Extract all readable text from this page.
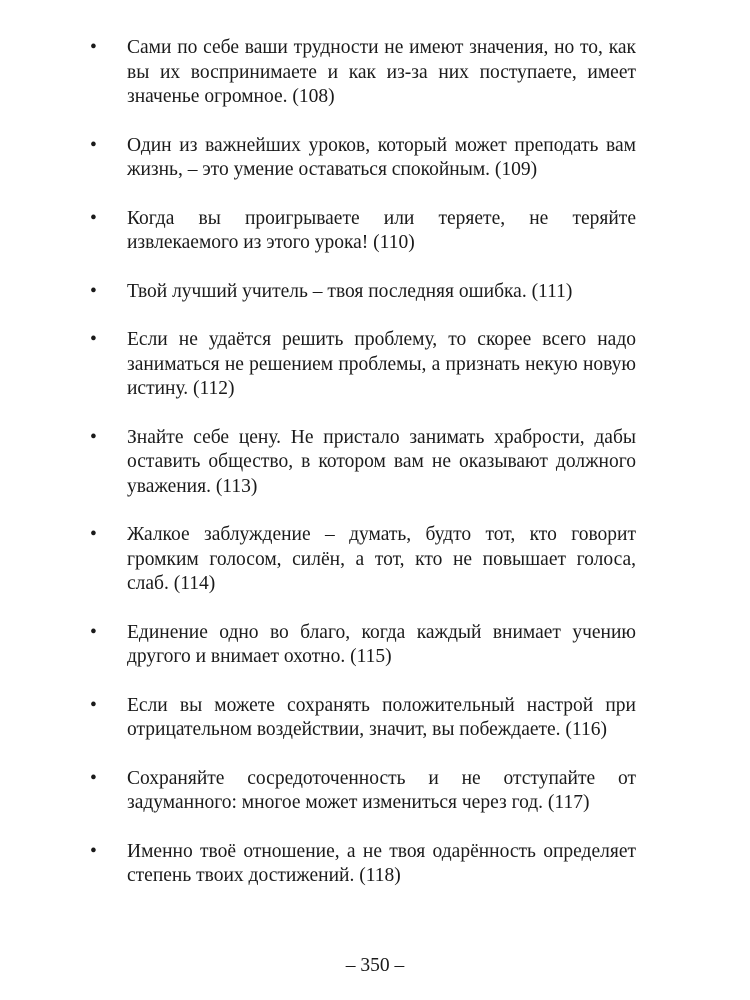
•	Сами по себе ваши трудности не имеют значения, но то, как вы их воспринимаете и как из-за них поступаете, имеет значенье огромное. (108)
•	Один из важнейших уроков, который может преподать вам жизнь, – это умение оставаться спокойным. (109)
•	Когда вы проигрываете или теряете, не теряйте извлекаемого из этого урока! (110)
•	Твой лучший учитель – твоя последняя ошибка. (111)
•	Если не удаётся решить проблему, то скорее всего надо заниматься не решением проблемы, а признать некую новую истину. (112)
•	Знайте себе цену. Не пристало занимать храбрости, дабы оставить общество, в котором вам не оказывают должного уважения. (113)
•	Жалкое заблуждение – думать, будто тот, кто говорит громким голосом, силён, а тот, кто не повышает голоса, слаб. (114)
•	Единение одно во благо, когда каждый внимает учению другого и внимает охотно. (115)
•	Если вы можете сохранять положительный настрой при отрицательном воздействии, значит, вы побеждаете. (116)
•	Сохраняйте сосредоточенность и не отступайте от задуманного: многое может измениться через год. (117)
•	Именно твоё отношение, а не твоя одарённость определяет степень твоих достижений. (118)
– 350 –
